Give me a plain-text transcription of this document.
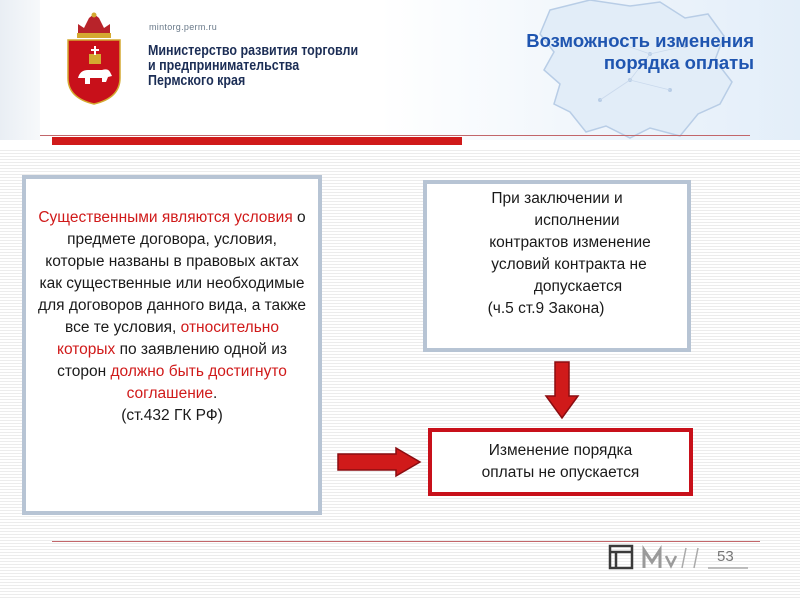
mintorg.perm.ru
Министерство развития торговли
и предпринимательства
Пермского края
Возможность изменения
порядка оплаты
Существенными являются условия о предмете договора, условия, которые названы в правовых актах как существенные или необходимые для договоров данного вида, а также все те условия, относительно которых по заявлению одной из сторон должно быть достигнуто соглашение.
(ст.432 ГК РФ)
При заключении и
исполнении
контрактов изменение
условий контракта не
допускается
(ч.5 ст.9 Закона)
Изменение порядка
оплаты не опускается
53
